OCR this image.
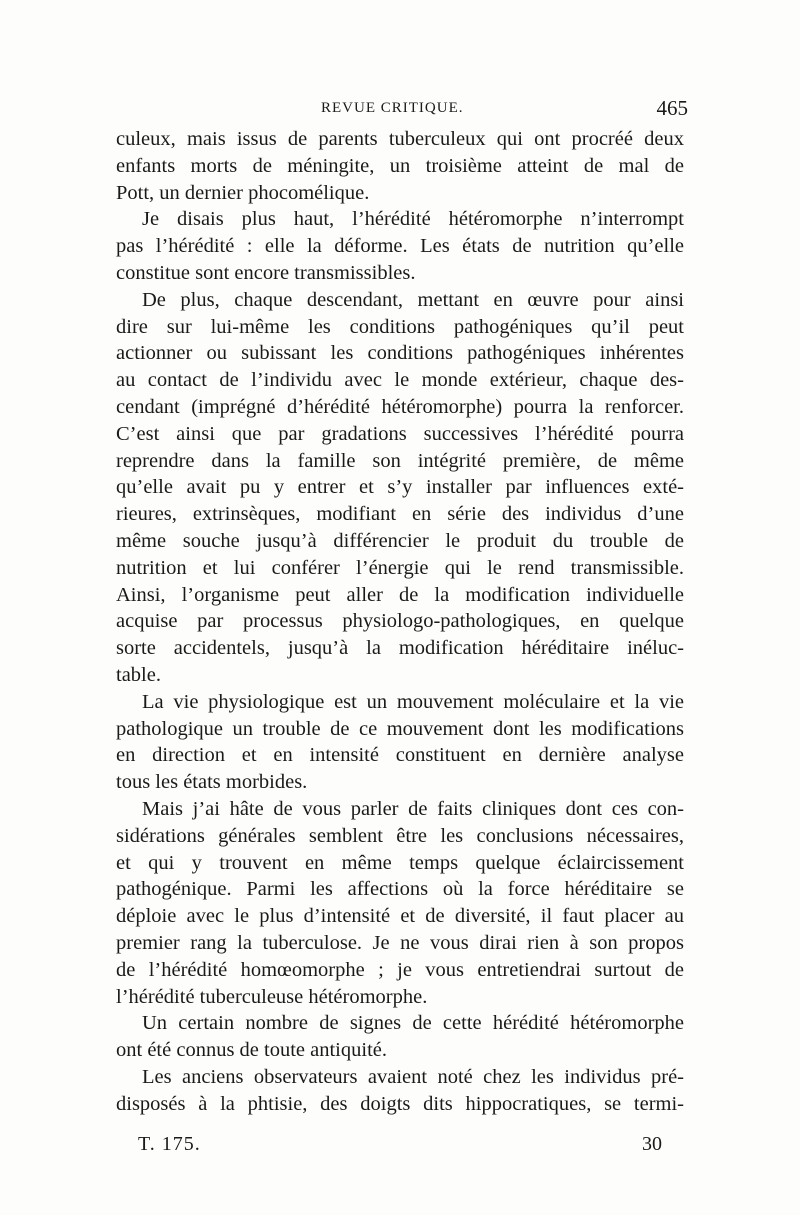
REVUE CRITIQUE.	465
culeux, mais issus de parents tuberculeux qui ont procréé deux
enfants morts de méningite, un troisième atteint de mal de
Pott, un dernier phocomélique.
Je disais plus haut, l’hérédité hétéromorphe n’interrompt
pas l’hérédité : elle la déforme. Les états de nutrition qu’elle
constitue sont encore transmissibles.
De plus, chaque descendant, mettant en œuvre pour ainsi
dire sur lui-même les conditions pathogéniques qu’il peut
actionner ou subissant les conditions pathogéniques inhérentes
au contact de l’individu avec le monde extérieur, chaque des-
cendant (imprégné d’hérédité hétéromorphe) pourra la renforcer.
C’est ainsi que par gradations successives l’hérédité pourra
reprendre dans la famille son intégrité première, de même
qu’elle avait pu y entrer et s’y installer par influences exté-
rieures, extrinsèques, modifiant en série des individus d’une
même souche jusqu’à différencier le produit du trouble de
nutrition et lui conférer l’énergie qui le rend transmissible.
Ainsi, l’organisme peut aller de la modification individuelle
acquise par processus physiologo-pathologiques, en quelque
sorte accidentels, jusqu’à la modification héréditaire inéluc-
table.
La vie physiologique est un mouvement moléculaire et la vie
pathologique un trouble de ce mouvement dont les modifications
en direction et en intensité constituent en dernière analyse
tous les états morbides.
Mais j’ai hâte de vous parler de faits cliniques dont ces con-
sidérations générales semblent être les conclusions nécessaires,
et qui y trouvent en même temps quelque éclaircissement
pathogénique. Parmi les affections où la force héréditaire se
déploie avec le plus d’intensité et de diversité, il faut placer au
premier rang la tuberculose. Je ne vous dirai rien à son propos
de l’hérédité homœomorphe ; je vous entretiendrai surtout de
l’hérédité tuberculeuse hétéromorphe.
Un certain nombre de signes de cette hérédité hétéromorphe
ont été connus de toute antiquité.
Les anciens observateurs avaient noté chez les individus pré-
disposés à la phtisie, des doigts dits hippocratiques, se termi-
T. 175.	30
